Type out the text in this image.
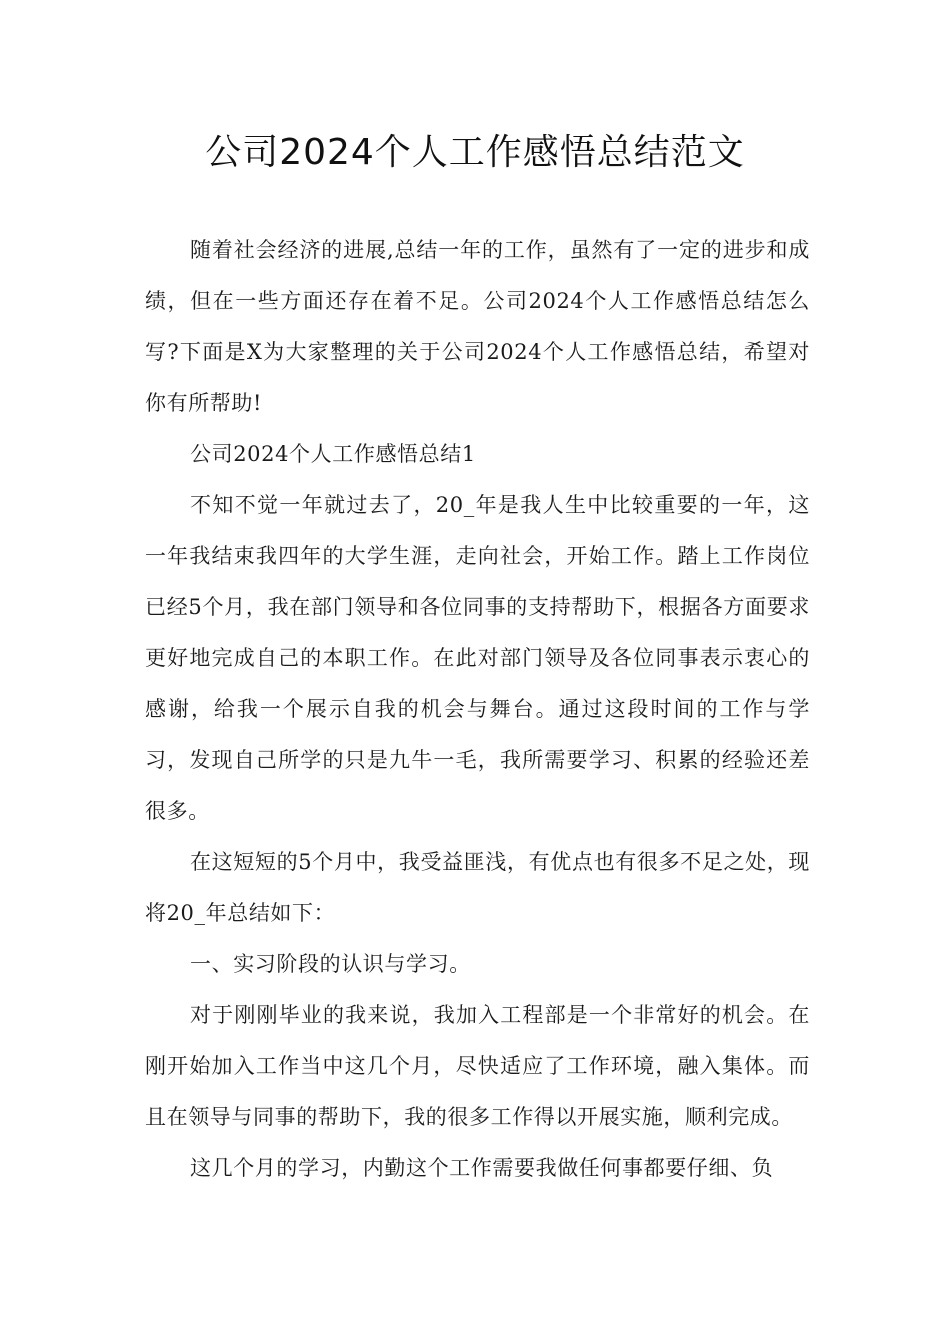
公司2024个人工作感悟总结范文

随着社会经济的进展,总结一年的工作，虽然有了一定的进步和成绩，但在一些方面还存在着不足。公司2024个人工作感悟总结怎么写?下面是X为大家整理的关于公司2024个人工作感悟总结，希望对你有所帮助!

公司2024个人工作感悟总结1

不知不觉一年就过去了，20_年是我人生中比较重要的一年，这一年我结束我四年的大学生涯，走向社会，开始工作。踏上工作岗位已经5个月，我在部门领导和各位同事的支持帮助下，根据各方面要求更好地完成自己的本职工作。在此对部门领导及各位同事表示衷心的感谢，给我一个展示自我的机会与舞台。通过这段时间的工作与学习，发现自己所学的只是九牛一毛，我所需要学习、积累的经验还差很多。

在这短短的5个月中，我受益匪浅，有优点也有很多不足之处，现将20_年总结如下：

一、实习阶段的认识与学习。

对于刚刚毕业的我来说，我加入工程部是一个非常好的机会。在刚开始加入工作当中这几个月，尽快适应了工作环境，融入集体。而且在领导与同事的帮助下，我的很多工作得以开展实施，顺利完成。

这几个月的学习，内勤这个工作需要我做任何事都要仔细、负
